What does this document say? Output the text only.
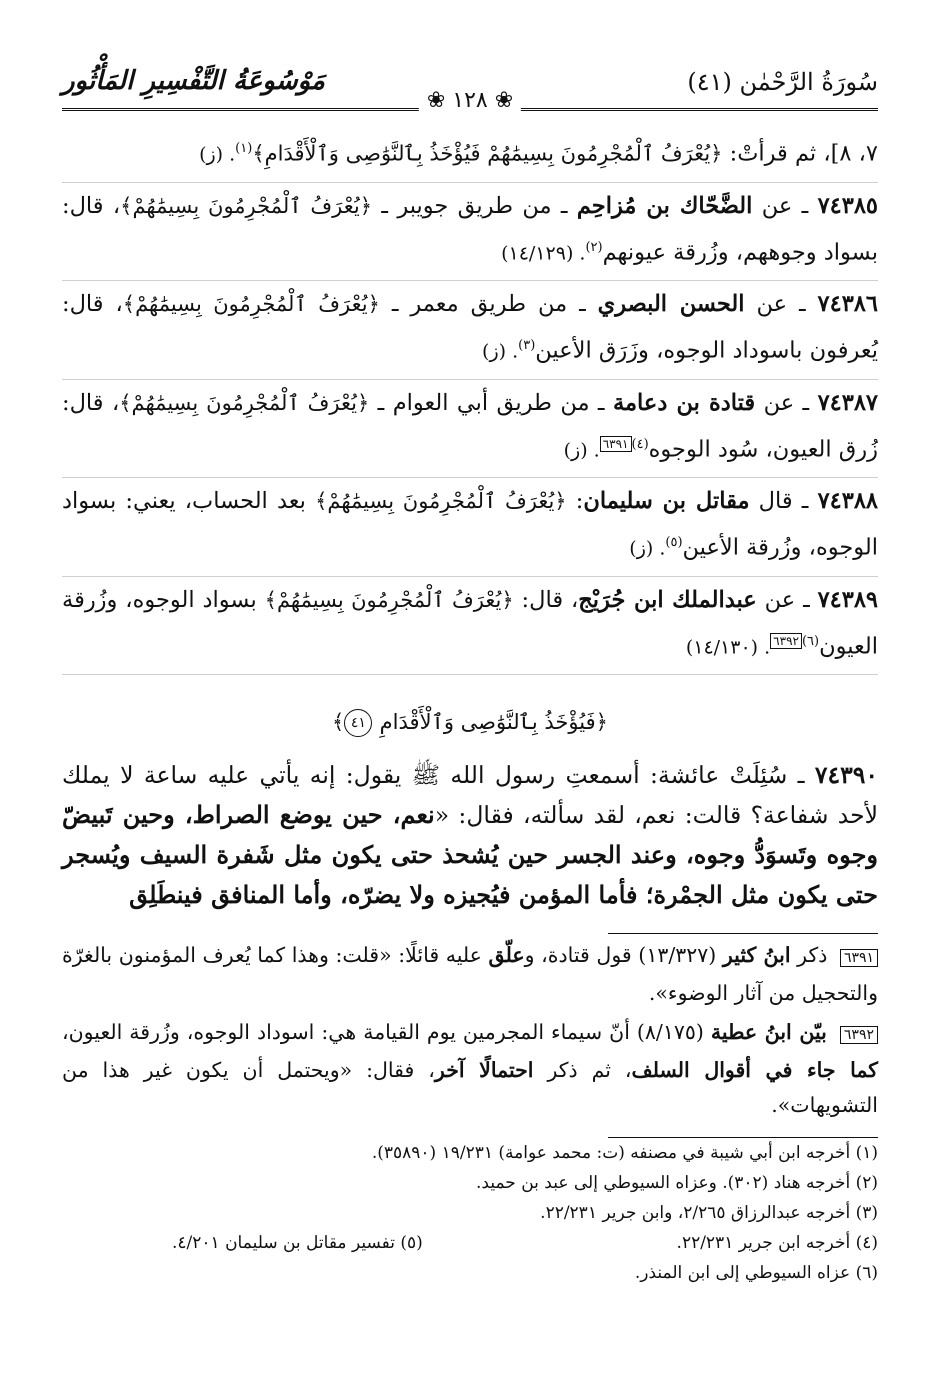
سُورَةُ الرَّحْمٰن (٤١)
❀ ١٢٨ ❀
مَوْسُوعَةُ التَّفْسِيرِ المَأْثُور

٧، ٨]، ثم قرأتْ: ﴿يُعْرَفُ ٱلْمُجْرِمُونَ بِسِيمَٰهُمْ فَيُؤْخَذُ بِٱلنَّوَٰصِى وَٱلْأَقْدَامِ﴾$^{(١)}$. (ز)

٧٤٣٨٥ ـ عن الضَّحّاك بن مُزاحِم ـ من طريق جويبر ـ ﴿يُعْرَفُ ٱلْمُجْرِمُونَ بِسِيمَٰهُمْ﴾، قال: بسواد وجوههم، وزُرقة عيونهم$^{(٢)}$. (١٤/١٢٩)

٧٤٣٨٦ ـ عن الحسن البصري ـ من طريق معمر ـ ﴿يُعْرَفُ ٱلْمُجْرِمُونَ بِسِيمَٰهُمْ﴾، قال: يُعرفون باسوداد الوجوه، وزَرَق الأعين$^{(٣)}$. (ز)

٧٤٣٨٧ ـ عن قتادة بن دعامة ـ من طريق أبي العوام ـ ﴿يُعْرَفُ ٱلْمُجْرِمُونَ بِسِيمَٰهُمْ﴾، قال: زُرق العيون، سُود الوجوه$^{(٤)٦٣٩١}$. (ز)

٧٤٣٨٨ ـ قال مقاتل بن سليمان: ﴿يُعْرَفُ ٱلْمُجْرِمُونَ بِسِيمَٰهُمْ﴾ بعد الحساب، يعني: بسواد الوجوه، وزُرقة الأعين$^{(٥)}$. (ز)

٧٤٣٨٩ ـ عن عبدالملك ابن جُرَيْج، قال: ﴿يُعْرَفُ ٱلْمُجْرِمُونَ بِسِيمَٰهُمْ﴾ بسواد الوجوه، وزُرقة العيون$^{(٦)٦٣٩٢}$. (١٤/١٣٠)

﴿فَيُؤْخَذُ بِٱلنَّوَٰصِى وَٱلْأَقْدَامِ ٤١﴾

٧٤٣٩٠ ـ سُئِلَتْ عائشة: أسمعتِ رسول الله ﷺ يقول: إنه يأتي عليه ساعة لا يملك لأحد شفاعة؟ قالت: نعم، لقد سألته، فقال: «نعم، حين يوضع الصراط، وحين تَبيضّ وجوه وتَسوَدُّ وجوه، وعند الجسر حين يُشحذ حتى يكون مثل شَفرة السيف ويُسجر حتى يكون مثل الجمْرة؛ فأما المؤمن فيُجيزه ولا يضرّه، وأما المنافق فينطَلِق

٦٣٩١ ذكر ابنُ كثير (١٣/٣٢٧) قول قتادة، وعلّق عليه قائلًا: «قلت: وهذا كما يُعرف المؤمنون بالغرّة والتحجيل من آثار الوضوء».

٦٣٩٢ بيّن ابنُ عطية (٨/١٧٥) أنّ سيماء المجرمين يوم القيامة هي: اسوداد الوجوه، وزُرقة العيون، كما جاء في أقوال السلف، ثم ذكر احتمالًا آخر، فقال: «ويحتمل أن يكون غير هذا من التشويهات».

(١) أخرجه ابن أبي شيبة في مصنفه (ت: محمد عوامة) ١٩/٢٣١ (٣٥٨٩٠).

(٢) أخرجه هناد (٣٠٢). وعزاه السيوطي إلى عبد بن حميد.

(٣) أخرجه عبدالرزاق ٢/٢٦٥، وابن جرير ٢٢/٢٣١.

(٤) أخرجه ابن جرير ٢٢/٢٣١.

(٥) تفسير مقاتل بن سليمان ٤/٢٠١.

(٦) عزاه السيوطي إلى ابن المنذر.
